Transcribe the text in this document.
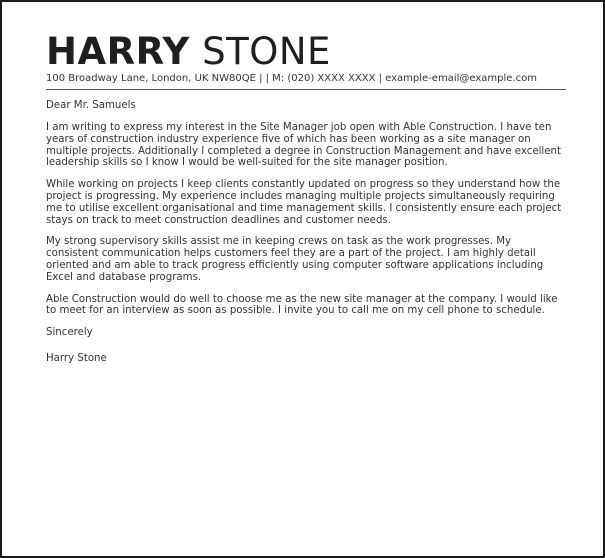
HARRY STONE
100 Broadway Lane, London, UK NW80QE | | M: (020) XXXX XXXX | example-email@example.com
Dear Mr. Samuels

I am writing to express my interest in the Site Manager job open with Able Construction. I have ten years of construction industry experience five of which has been working as a site manager on multiple projects. Additionally I completed a degree in Construction Management and have excellent leadership skills so I know I would be well-suited for the site manager position.

While working on projects I keep clients constantly updated on progress so they understand how the project is progressing. My experience includes managing multiple projects simultaneously requiring me to utilise excellent organisational and time management skills. I consistently ensure each project stays on track to meet construction deadlines and customer needs.

My strong supervisory skills assist me in keeping crews on task as the work progresses. My consistent communication helps customers feel they are a part of the project. I am highly detail oriented and am able to track progress efficiently using computer software applications including Excel and database programs.

Able Construction would do well to choose me as the new site manager at the company. I would like to meet for an interview as soon as possible. I invite you to call me on my cell phone to schedule.

Sincerely
Harry Stone
